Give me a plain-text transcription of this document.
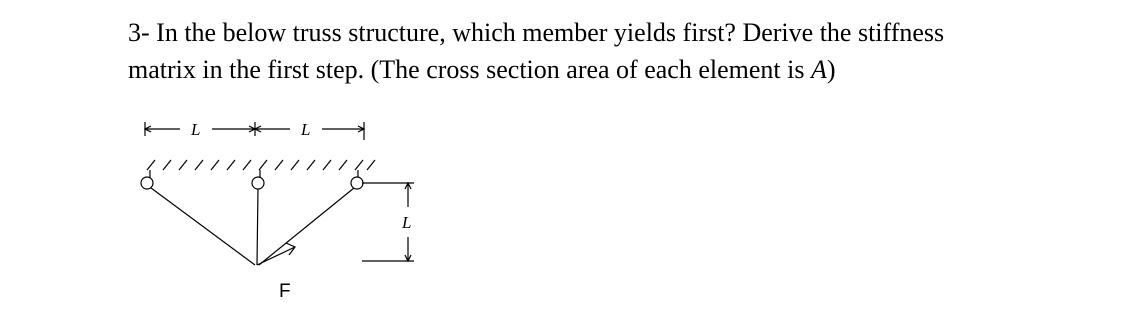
3- In the below truss structure, which member yields first? Derive the stiffness
matrix in the first step. (The cross section area of each element is A)
L	L
L
F
